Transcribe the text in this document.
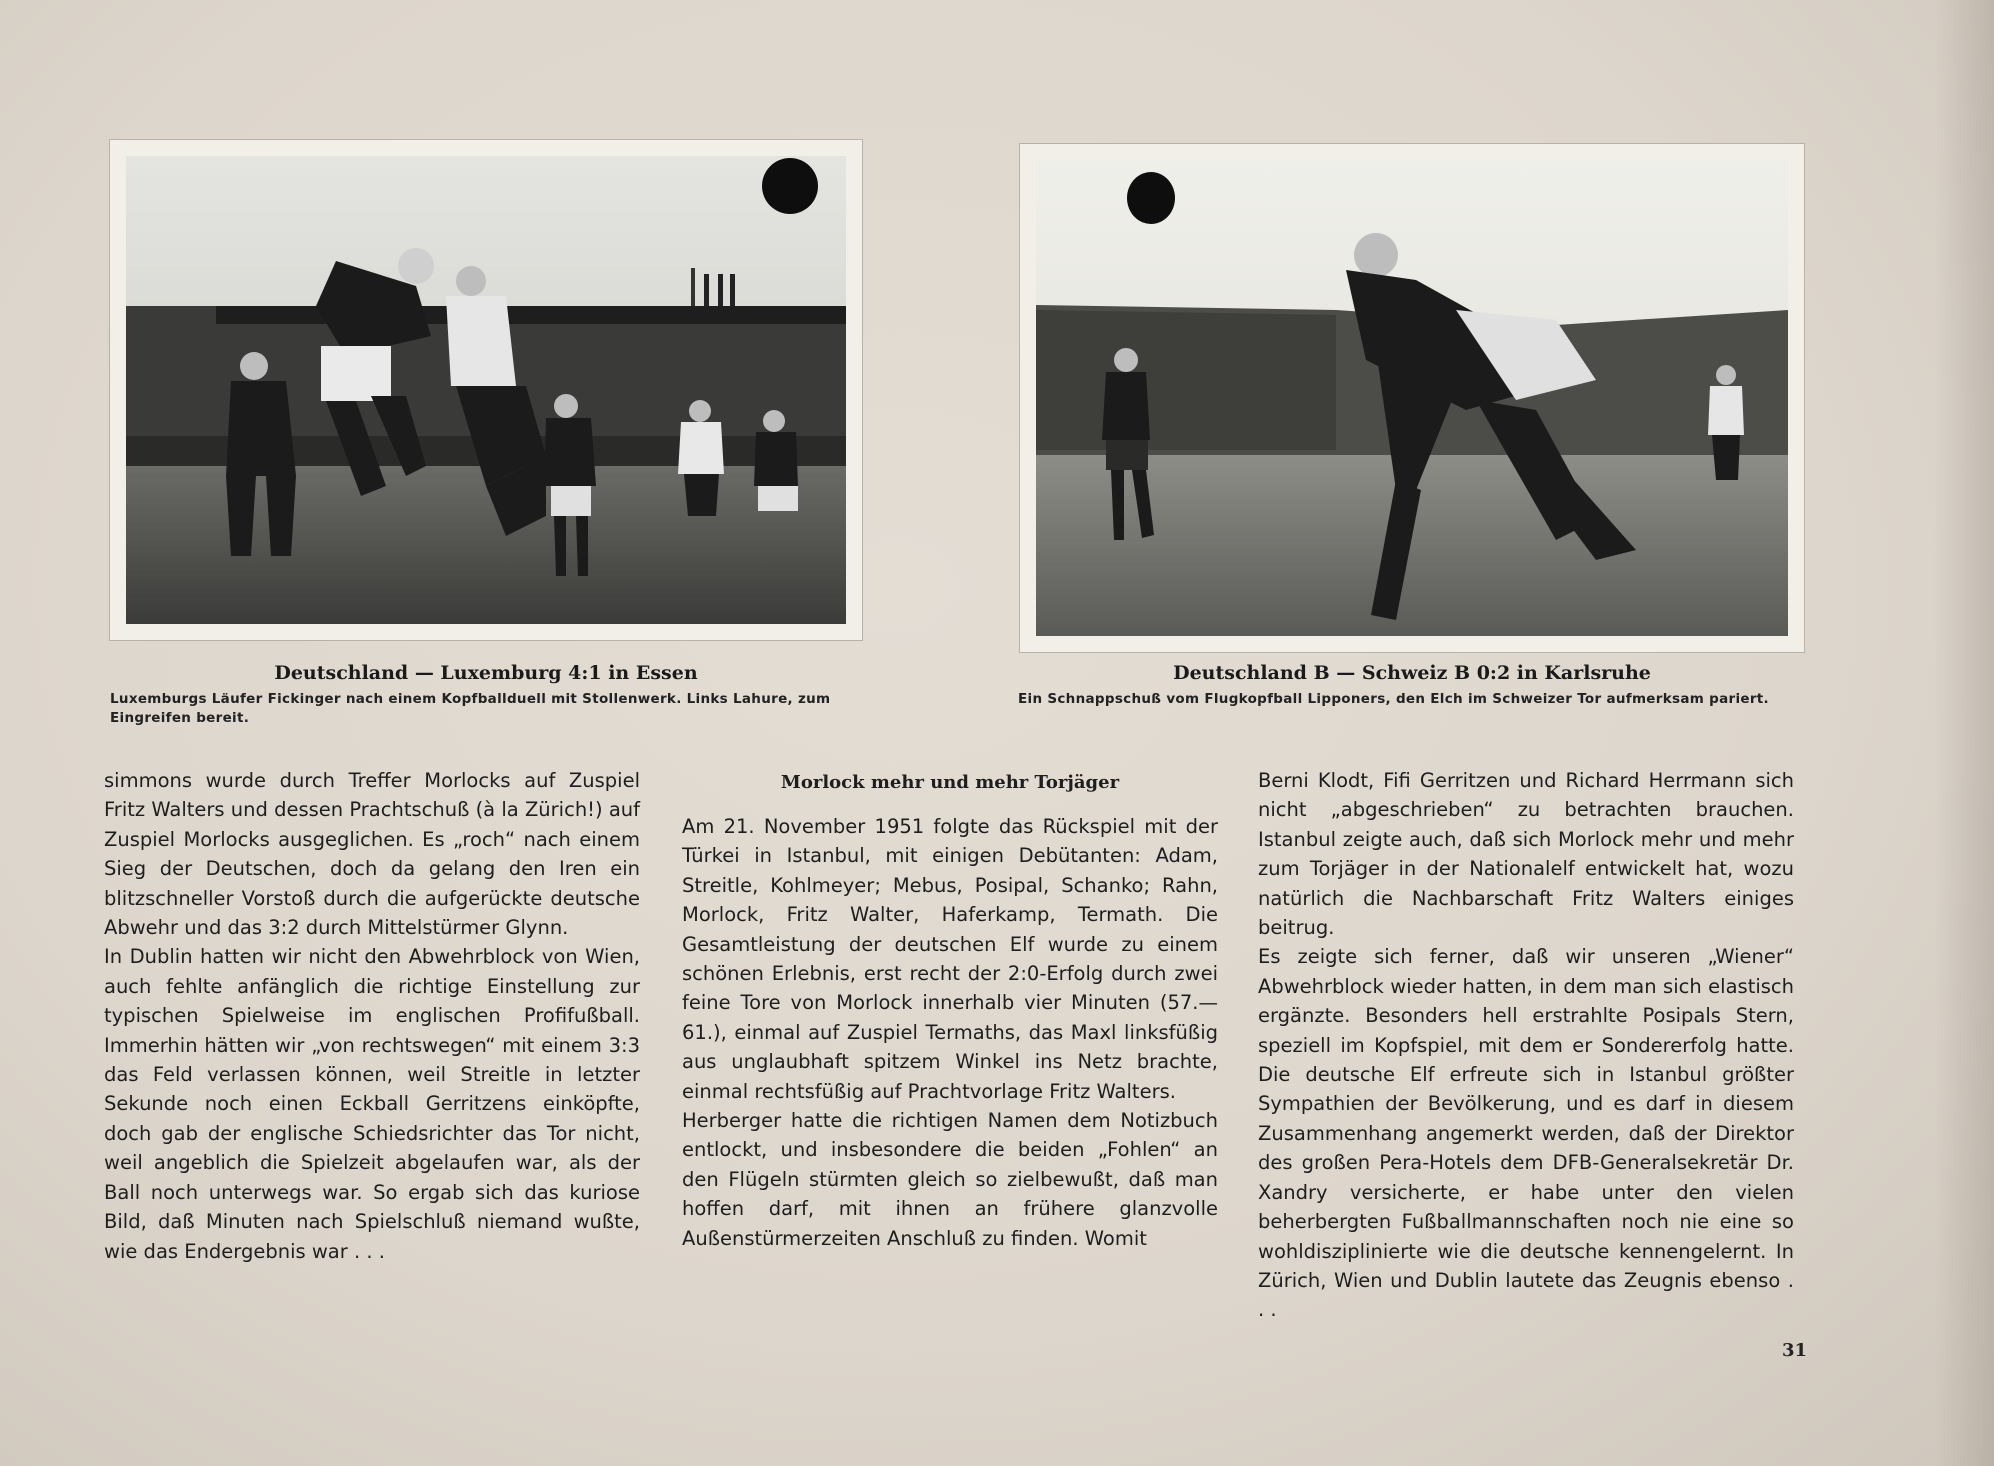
Deutschland — Luxemburg 4:1 in Essen
Luxemburgs Läufer Fickinger nach einem Kopfballduell mit Stollenwerk. Links Lahure, zum Eingreifen bereit.
Deutschland B — Schweiz B 0:2 in Karlsruhe
Ein Schnappschuß vom Flugkopfball Lipponers, den Elch im Schweizer Tor aufmerksam pariert.

simmons wurde durch Treffer Morlocks auf Zuspiel Fritz Walters und dessen Prachtschuß (à la Zürich!) auf Zuspiel Morlocks ausgeglichen. Es „roch“ nach einem Sieg der Deutschen, doch da gelang den Iren ein blitzschneller Vorstoß durch die aufgerückte deutsche Abwehr und das 3:2 durch Mittelstürmer Glynn.

In Dublin hatten wir nicht den Abwehrblock von Wien, auch fehlte anfänglich die richtige Einstellung zur typischen Spielweise im englischen Profifußball. Immerhin hätten wir „von rechtswegen“ mit einem 3:3 das Feld verlassen können, weil Streitle in letzter Sekunde noch einen Eckball Gerritzens einköpfte, doch gab der englische Schiedsrichter das Tor nicht, weil angeblich die Spielzeit abgelaufen war, als der Ball noch unterwegs war. So ergab sich das kuriose Bild, daß Minuten nach Spielschluß niemand wußte, wie das Endergebnis war . . .

Morlock mehr und mehr Torjäger

Am 21. November 1951 folgte das Rückspiel mit der Türkei in Istanbul, mit einigen Debütanten: Adam, Streitle, Kohlmeyer; Mebus, Posipal, Schanko; Rahn, Morlock, Fritz Walter, Haferkamp, Termath. Die Gesamtleistung der deutschen Elf wurde zu einem schönen Erlebnis, erst recht der 2:0-Erfolg durch zwei feine Tore von Morlock innerhalb vier Minuten (57.—61.), einmal auf Zuspiel Termaths, das Maxl linksfüßig aus unglaubhaft spitzem Winkel ins Netz brachte, einmal rechtsfüßig auf Prachtvorlage Fritz Walters.

Herberger hatte die richtigen Namen dem Notizbuch entlockt, und insbesondere die beiden „Fohlen“ an den Flügeln stürmten gleich so zielbewußt, daß man hoffen darf, mit ihnen an frühere glanzvolle Außenstürmerzeiten Anschluß zu finden. Womit

Berni Klodt, Fifi Gerritzen und Richard Herrmann sich nicht „abgeschrieben“ zu betrachten brauchen. Istanbul zeigte auch, daß sich Morlock mehr und mehr zum Torjäger in der Nationalelf entwickelt hat, wozu natürlich die Nachbarschaft Fritz Walters einiges beitrug.

Es zeigte sich ferner, daß wir unseren „Wiener“ Abwehrblock wieder hatten, in dem man sich elastisch ergänzte. Besonders hell erstrahlte Posipals Stern, speziell im Kopfspiel, mit dem er Sondererfolg hatte. Die deutsche Elf erfreute sich in Istanbul größter Sympathien der Bevölkerung, und es darf in diesem Zusammenhang angemerkt werden, daß der Direktor des großen Pera-Hotels dem DFB-Generalsekretär Dr. Xandry versicherte, er habe unter den vielen beherbergten Fußballmannschaften noch nie eine so wohldisziplinierte wie die deutsche kennengelernt. In Zürich, Wien und Dublin lautete das Zeugnis ebenso . . .

31
